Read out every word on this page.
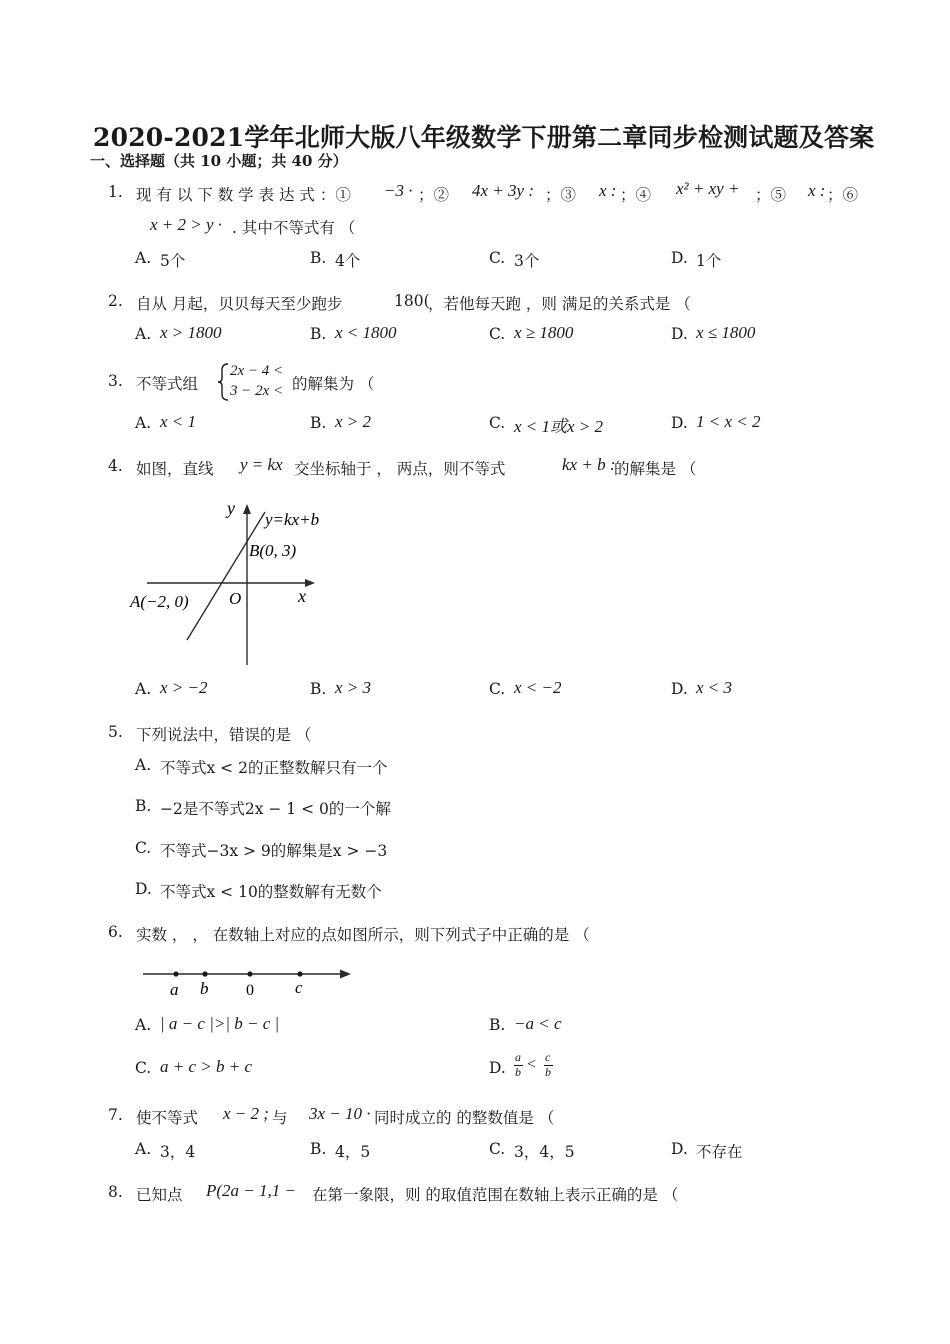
2020-2021学年北师大版八年级数学下册第二章同步检测试题及答案
一、选择题（共 10 小题；共 40 分）
1. 现 有 以 下 数 学 表 达 式 ：① −3 · ；② 4x + 3y : ；③ x : ；④ x² + xy + ；⑤ x : ；⑥
x + 2 > y · . 其中不等式有 （
A. 5个	B. 4个	C. 3个	D. 1个
2. 自从 月起，贝贝每天至少跑步	180(
，若他每天跑 ，则 满足的关系式是 （
A. x > 1800	B. x < 1800	C. x ≥ 1800	D. x ≤ 1800
3. 不等式组
2x − 4 <
3 − 2x < 的解集为 （
A. x < 1	B. x > 2	C. x < 1或x > 2	D. 1 < x < 2
4. 如图，直线 y = kx 交坐标轴于 ， 两点，则不等式	kx + b :
的解集是 （
y
x
y=kx+b
B(0, 3)
A(−2, 0) O
A. x > −2	B. x > 3	C. x < −2	D. x < 3
5. 下列说法中，错误的是 （
A. 不等式x < 2的正整数解只有一个
B. −2是不等式2x − 1 < 0的一个解
C. 不等式−3x > 9的解集是x > −3
D. 不等式x < 10的整数解有无数个
6. 实数 ， ， 在数轴上对应的点如图所示，则下列式子中正确的是 （
a b 0 c
A. | a − c |>| b − c |	B. −a < c
C. a + c > b + c	D.
a
b < c
b
7. 使不等式 x − 2 ; 与 3x − 10 · 同时成立的 的整数值是 （
A. 3，4	B. 4，5	C. 3，4，5	D. 不存在
8. 已知点 P(2a − 1,1 − 在第一象限，则 的取值范围在数轴上表示正确的是 （
